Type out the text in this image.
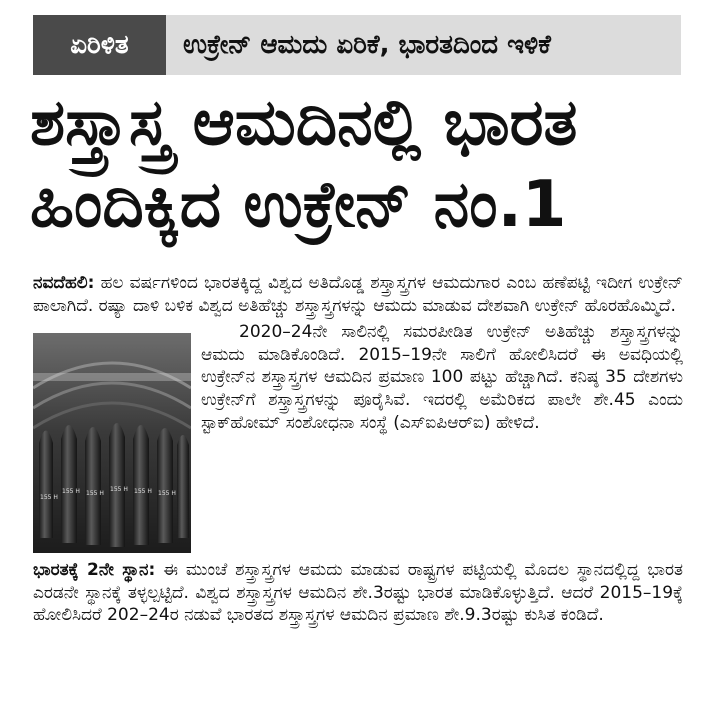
ಏರಿಳಿತ	ಉಕ್ರೇನ್ ಆಮದು ಏರಿಕೆ, ಭಾರತದಿಂದ ಇಳಿಕೆ
ಶಸ್ತ್ರಾಸ್ತ್ರ ಆಮದಿನಲ್ಲಿ ಭಾರತ
ಹಿಂದಿಕ್ಕಿದ ಉಕ್ರೇನ್ ನಂ.1

ನವದೆಹಲಿ: ಹಲ ವರ್ಷಗಳಿಂದ ಭಾರತಕ್ಕಿದ್ದ ವಿಶ್ವದ ಅತಿದೊಡ್ಡ ಶಸ್ತ್ರಾಸ್ತ್ರಗಳ ಆಮದುಗಾರ ಎಂಬ ಹಣೆಪಟ್ಟಿ ಇದೀಗ ಉಕ್ರೇನ್ ಪಾಲಾಗಿದೆ. ರಷ್ಯಾ ದಾಳಿ ಬಳಿಕ ವಿಶ್ವದ ಅತಿಹೆಚ್ಚು ಶಸ್ತ್ರಾಸ್ತ್ರಗಳನ್ನು ಆಮದು ಮಾಡುವ ದೇಶವಾಗಿ ಉಕ್ರೇನ್ ಹೊರಹೊಮ್ಮಿದೆ.

155 H 155 H
155 H 155 H 155 H
155 H

2020–24ನೇ ಸಾಲಿನಲ್ಲಿ ಸಮರಪೀಡಿತ ಉಕ್ರೇನ್ ಅತಿಹೆಚ್ಚು ಶಸ್ತ್ರಾಸ್ತ್ರಗಳನ್ನು ಆಮದು ಮಾಡಿಕೊಂಡಿದೆ. 2015–19ನೇ ಸಾಲಿಗೆ ಹೋಲಿಸಿದರೆ ಈ ಅವಧಿಯಲ್ಲಿ ಉಕ್ರೇನ್‌ನ ಶಸ್ತ್ರಾಸ್ತ್ರಗಳ ಆಮದಿನ ಪ್ರಮಾಣ 100 ಪಟ್ಟು ಹೆಚ್ಚಾಗಿದೆ. ಕನಿಷ್ಠ 35 ದೇಶಗಳು ಉಕ್ರೇನ್‌ಗೆ ಶಸ್ತ್ರಾಸ್ತ್ರಗಳನ್ನು ಪೂರೈಸಿವೆ. ಇದರಲ್ಲಿ ಅಮೆರಿಕದ ಪಾಲೇ ಶೇ.45 ಎಂದು ಸ್ಟಾಕ್‌ಹೋಮ್ ಸಂಶೋಧನಾ ಸಂಸ್ಥೆ (ಎಸ್‌ಐಪಿಆರ್‌ಐ) ಹೇಳಿದೆ.

ಭಾರತಕ್ಕೆ 2ನೇ ಸ್ಥಾನ: ಈ ಮುಂಚೆ ಶಸ್ತ್ರಾಸ್ತ್ರಗಳ ಆಮದು ಮಾಡುವ ರಾಷ್ಟ್ರಗಳ ಪಟ್ಟಿಯಲ್ಲಿ ಮೊದಲ ಸ್ಥಾನದಲ್ಲಿದ್ದ ಭಾರತ ಎರಡನೇ ಸ್ಥಾನಕ್ಕೆ ತಳ್ಳಲ್ಪಟ್ಟಿದೆ. ವಿಶ್ವದ ಶಸ್ತ್ರಾಸ್ತ್ರಗಳ ಆಮದಿನ ಶೇ.3ರಷ್ಟು ಭಾರತ ಮಾಡಿಕೊಳ್ಳುತ್ತಿದೆ. ಆದರೆ 2015–19ಕ್ಕೆ ಹೋಲಿಸಿದರೆ 202–24ರ ನಡುವೆ ಭಾರತದ ಶಸ್ತ್ರಾಸ್ತ್ರಗಳ ಆಮದಿನ ಪ್ರಮಾಣ ಶೇ.9.3ರಷ್ಟು ಕುಸಿತ ಕಂಡಿದೆ.
